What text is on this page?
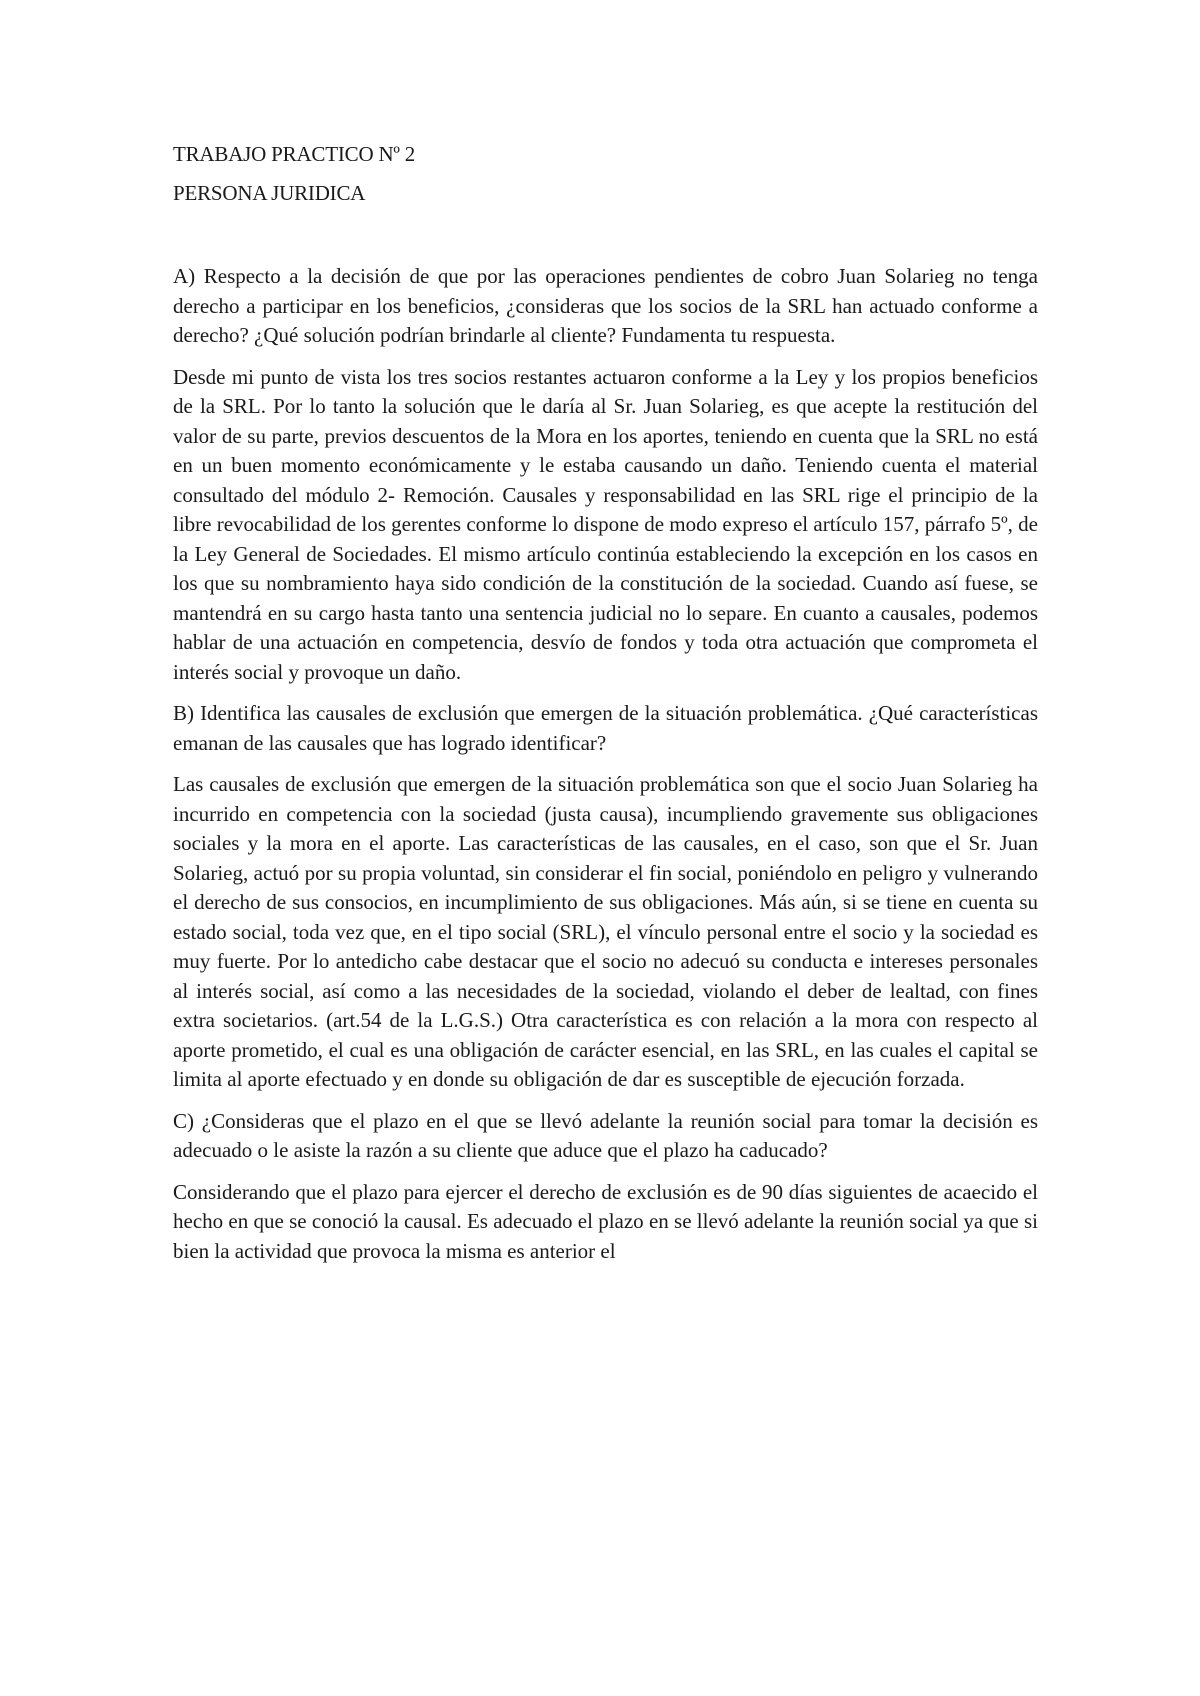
TRABAJO PRACTICO Nº 2

PERSONA JURIDICA

A) Respecto a la decisión de que por las operaciones pendientes de cobro Juan Solarieg no tenga derecho a participar en los beneficios, ¿consideras que los socios de la SRL han actuado conforme a derecho? ¿Qué solución podrían brindarle al cliente? Fundamenta tu respuesta.

Desde mi punto de vista los tres socios restantes actuaron conforme a la Ley y los propios beneficios de la SRL. Por lo tanto la solución que le daría al Sr. Juan Solarieg, es que acepte la restitución del valor de su parte, previos descuentos de la Mora en los aportes, teniendo en cuenta que la SRL no está en un buen momento económicamente y le estaba causando un daño. Teniendo cuenta el material consultado del módulo 2- Remoción. Causales y responsabilidad en las SRL rige el principio de la libre revocabilidad de los gerentes conforme lo dispone de modo expreso el artículo 157, párrafo 5º, de la Ley General de Sociedades. El mismo artículo continúa estableciendo la excepción en los casos en los que su nombramiento haya sido condición de la constitución de la sociedad. Cuando así fuese, se mantendrá en su cargo hasta tanto una sentencia judicial no lo separe. En cuanto a causales, podemos hablar de una actuación en competencia, desvío de fondos y toda otra actuación que comprometa el interés social y provoque un daño.

B) Identifica las causales de exclusión que emergen de la situación problemática. ¿Qué características emanan de las causales que has logrado identificar?

Las causales de exclusión que emergen de la situación problemática son que el socio Juan Solarieg ha incurrido en competencia con la sociedad (justa causa), incumpliendo gravemente sus obligaciones sociales y la mora en el aporte. Las características de las causales, en el caso, son que el Sr. Juan Solarieg, actuó por su propia voluntad, sin considerar el fin social, poniéndolo en peligro y vulnerando el derecho de sus consocios, en incumplimiento de sus obligaciones. Más aún, si se tiene en cuenta su estado social, toda vez que, en el tipo social (SRL), el vínculo personal entre el socio y la sociedad es muy fuerte. Por lo antedicho cabe destacar que el socio no adecuó su conducta e intereses personales al interés social, así como a las necesidades de la sociedad, violando el deber de lealtad, con fines extra societarios. (art.54 de la L.G.S.) Otra característica es con relación a la mora con respecto al aporte prometido, el cual es una obligación de carácter esencial, en las SRL, en las cuales el capital se limita al aporte efectuado y en donde su obligación de dar es susceptible de ejecución forzada.

C) ¿Consideras que el plazo en el que se llevó adelante la reunión social para tomar la decisión es adecuado o le asiste la razón a su cliente que aduce que el plazo ha caducado?

Considerando que el plazo para ejercer el derecho de exclusión es de 90 días siguientes de acaecido el hecho en que se conoció la causal. Es adecuado el plazo en se llevó adelante la reunión social ya que si bien la actividad que provoca la misma es anterior el
